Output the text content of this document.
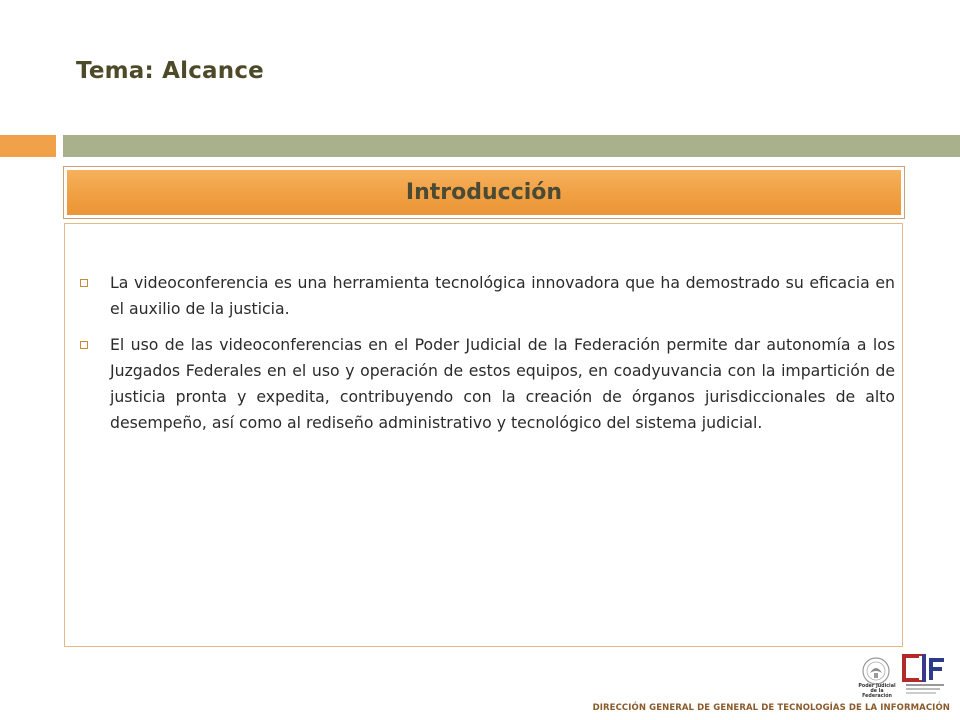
Tema: Alcance
Introducción
La videoconferencia es una herramienta tecnológica innovadora que ha demostrado su eficacia en el auxilio de la justicia.
El uso de las videoconferencias en el Poder Judicial de la Federación permite dar autonomía a los Juzgados Federales en el uso y operación de estos equipos, en coadyuvancia con la impartición de justicia pronta y expedita, contribuyendo con la creación de órganos jurisdiccionales de alto desempeño, así como al rediseño administrativo y tecnológico del sistema judicial.
Poder Judicial de la Federación
DIRECCIÓN GENERAL DE GENERAL DE TECNOLOGÍAS DE LA INFORMACIÓN
